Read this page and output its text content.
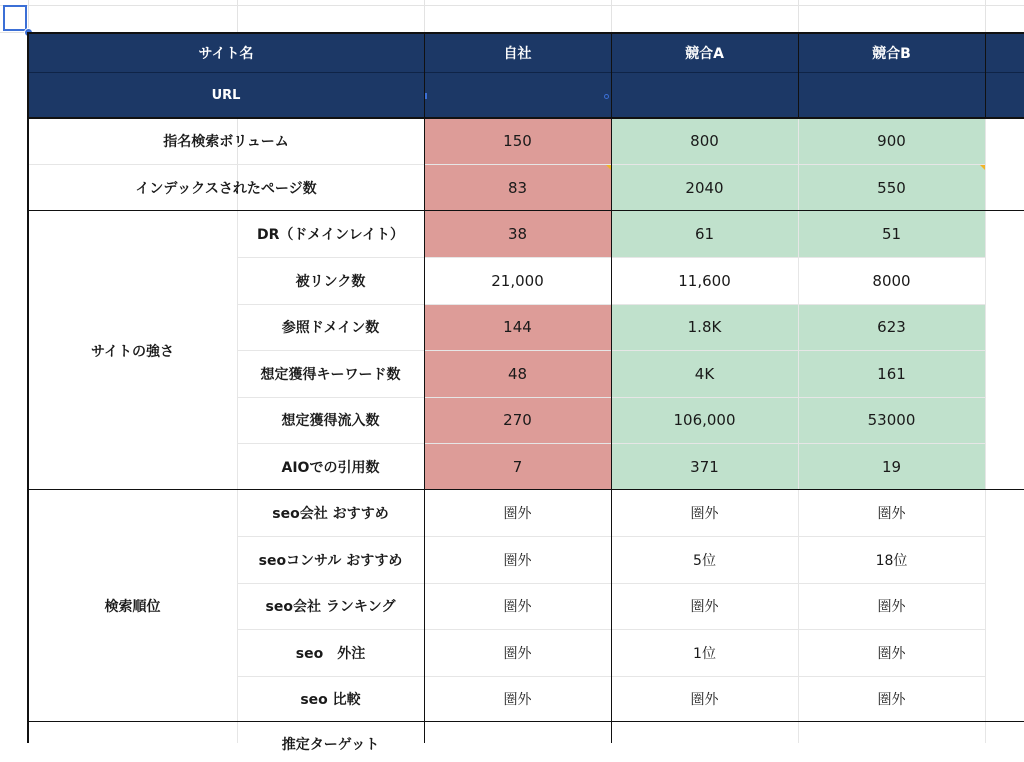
サイト名	自社	競合A	競合B
URL
指名検索ボリューム	150	800	900
インデックスされたページ数	83	2040	550
サイトの強さ
DR（ドメインレイト）	38	61	51
被リンク数	21,000	11,600	8000
参照ドメイン数	144	1.8K	623
想定獲得キーワード数	48	4K	161
想定獲得流入数	270	106,000	53000
AIOでの引用数	7	371	19
検索順位
seo会社 おすすめ	圏外	圏外	圏外
seoコンサル おすすめ	圏外	5位	18位
seo会社 ランキング	圏外	圏外	圏外
seo　外注	圏外	1位	圏外
seo 比較	圏外	圏外	圏外
推定ターゲット
